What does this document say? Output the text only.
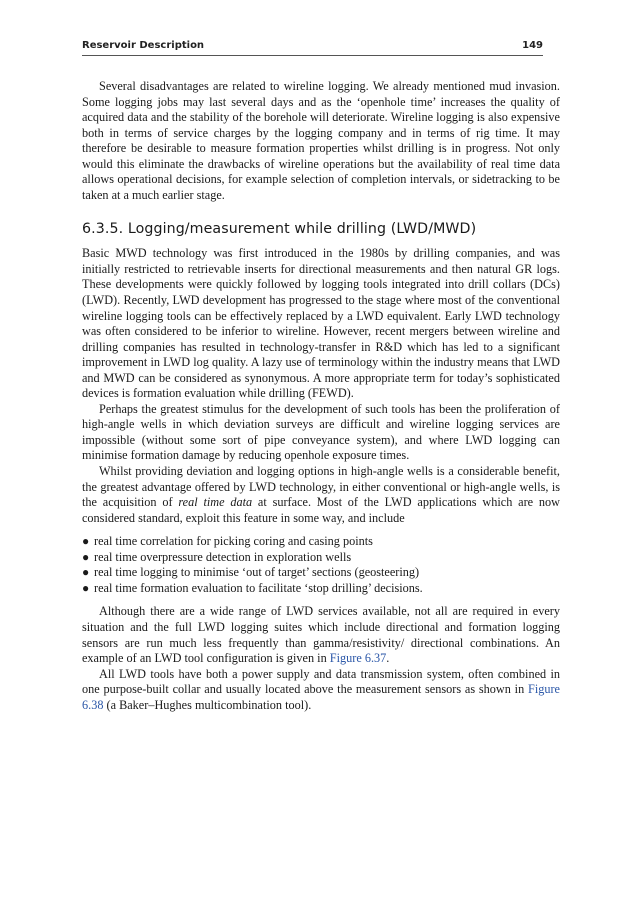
Reservoir Description	149

Several disadvantages are related to wireline logging. We already mentioned mud invasion. Some logging jobs may last several days and as the ‘openhole time’ increases the quality of acquired data and the stability of the borehole will deteriorate. Wireline logging is also expensive both in terms of service charges by the logging company and in terms of rig time. It may therefore be desirable to measure formation properties whilst drilling is in progress. Not only would this eliminate the drawbacks of wireline operations but the availability of real time data allows operational decisions, for example selection of completion intervals, or sidetracking to be taken at a much earlier stage.

6.3.5. Logging/measurement while drilling (LWD/MWD)

Basic MWD technology was first introduced in the 1980s by drilling companies, and was initially restricted to retrievable inserts for directional measurements and then natural GR logs. These developments were quickly followed by logging tools integrated into drill collars (DCs) (LWD). Recently, LWD development has progressed to the stage where most of the conventional wireline logging tools can be effectively replaced by a LWD equivalent. Early LWD technology was often considered to be inferior to wireline. However, recent mergers between wireline and drilling companies has resulted in technology-transfer in R&D which has led to a significant improvement in LWD log quality. A lazy use of terminology within the industry means that LWD and MWD can be considered as synonymous. A more appropriate term for today’s sophisticated devices is formation evaluation while drilling (FEWD).

Perhaps the greatest stimulus for the development of such tools has been the proliferation of high-angle wells in which deviation surveys are difficult and wireline logging services are impossible (without some sort of pipe conveyance system), and where LWD logging can minimise formation damage by reducing openhole exposure times.

Whilst providing deviation and logging options in high-angle wells is a considerable benefit, the greatest advantage offered by LWD technology, in either conventional or high-angle wells, is the acquisition of real time data at surface. Most of the LWD applications which are now considered standard, exploit this feature in some way, and include

● real time correlation for picking coring and casing points
● real time overpressure detection in exploration wells
● real time logging to minimise ‘out of target’ sections (geosteering)
● real time formation evaluation to facilitate ‘stop drilling’ decisions.

Although there are a wide range of LWD services available, not all are required in every situation and the full LWD logging suites which include directional and formation logging sensors are run much less frequently than gamma/resistivity/ directional combinations. An example of an LWD tool configuration is given in Figure 6.37.

All LWD tools have both a power supply and data transmission system, often combined in one purpose-built collar and usually located above the measurement sensors as shown in Figure 6.38 (a Baker–Hughes multicombination tool).
